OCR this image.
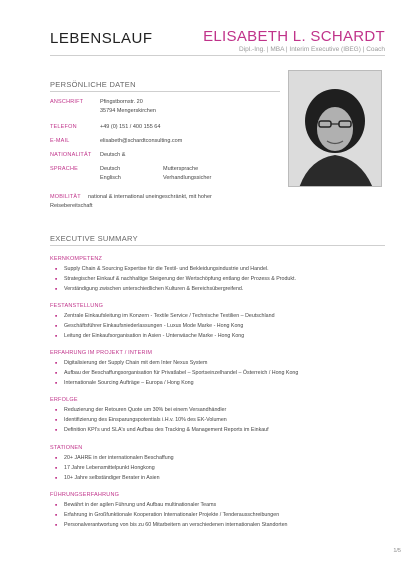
LEBENSLAUF	ELISABETH L. SCHARDT
Dipl.-Ing. | MBA | Interim Executive (IBEG) | Coach
PERSÖNLICHE DATEN
ANSCHRIFT	Pfingstbornstr. 20
35794 Mengerskirchen
TELEFON	+49 (0) 151 / 400 155 64
E-MAIL	elisabeth@schardtconsulting.com
NATIONALITÄT Deutsch &
SPRACHE	Deutsch	Muttersprache
Englisch	Verhandlungssicher
MOBILITÄT national & international uneingeschränkt, mit hoher
Reisebereitschaft
EXECUTIVE SUMMARY
KERNKOMPETENZ
■ Supply Chain & Sourcing Expertise für die Textil- und Bekleidungsindustrie und Handel.
■ Strategischer Einkauf & nachhaltige Steigerung der Wertschöpfung entlang der Prozess & Produkt.
■ Verständigung zwischen unterschiedlichen Kulturen & Bereichsübergreifend.
FESTANSTELLUNG
■ Zentrale Einkaufsleitung im Konzern - Textile Service / Technische Textilien – Deutschland
■ Geschäftsführer Einkaufsniederlassungen - Luxus Mode Marke - Hong Kong
■ Leitung der Einkaufsorganisation in Asien - Unterwäsche Marke - Hong Kong
ERFAHRUNG IM PROJEKT / INTERIM
■ Digitalisierung der Supply Chain mit dem Inter Nexus System
■ Aufbau der Beschaffungsorganisation für Privatlabel – Sportseinzelhandel – Österreich / Hong Kong
■ Internationale Sourcing Aufträge – Europa / Hong Kong
ERFOLGE
■ Reduzierung der Retouren Quote um 30% bei einem Versandhändler
■ Identifizierung des Einsparungspotentials i.H.v. 10% des EK-Volumen
■ Definition KPI's und SLA's und Aufbau des Tracking & Management Reports im Einkauf
STATIONEN
■ 20+ JAHRE in der internationalen Beschaffung
■ 17 Jahre Lebensmittelpunkt Hongkong
■ 10+ Jahre selbständiger Berater in Asien
FÜHRUNGSERFAHRUNG
■ Bewährt in der agilen Führung und Aufbau multinationaler Teams
■ Erfahrung in Großfunktionale Kooperation Internationaler Projekte / Tenderausschreibungen
■ Personalverantwortung von bis zu 60 Mitarbeitern an verschiedenen internationalen Standorten
1/5
